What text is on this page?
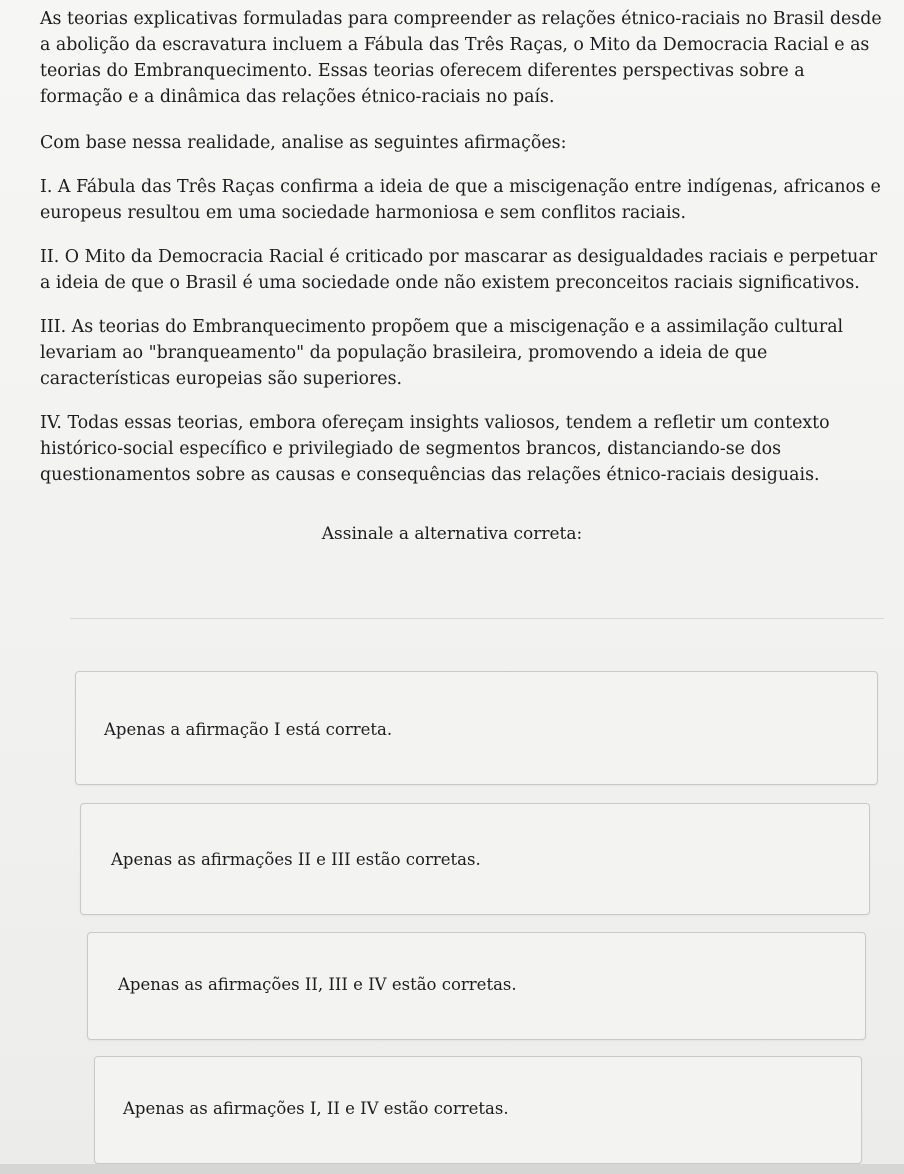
As teorias explicativas formuladas para compreender as relações étnico-raciais no Brasil desde a abolição da escravatura incluem a Fábula das Três Raças, o Mito da Democracia Racial e as teorias do Embranquecimento. Essas teorias oferecem diferentes perspectivas sobre a formação e a dinâmica das relações étnico-raciais no país.

Com base nessa realidade, analise as seguintes afirmações:

I. A Fábula das Três Raças confirma a ideia de que a miscigenação entre indígenas, africanos e europeus resultou em uma sociedade harmoniosa e sem conflitos raciais.

II. O Mito da Democracia Racial é criticado por mascarar as desigualdades raciais e perpetuar a ideia de que o Brasil é uma sociedade onde não existem preconceitos raciais significativos.

III. As teorias do Embranquecimento propõem que a miscigenação e a assimilação cultural levariam ao "branqueamento" da população brasileira, promovendo a ideia de que características europeias são superiores.

IV. Todas essas teorias, embora ofereçam insights valiosos, tendem a refletir um contexto histórico-social específico e privilegiado de segmentos brancos, distanciando-se dos questionamentos sobre as causas e consequências das relações étnico-raciais desiguais.

Assinale a alternativa correta:
Apenas a afirmação I está correta.
Apenas as afirmações II e III estão corretas.
Apenas as afirmações II, III e IV estão corretas.
Apenas as afirmações I, II e IV estão corretas.
